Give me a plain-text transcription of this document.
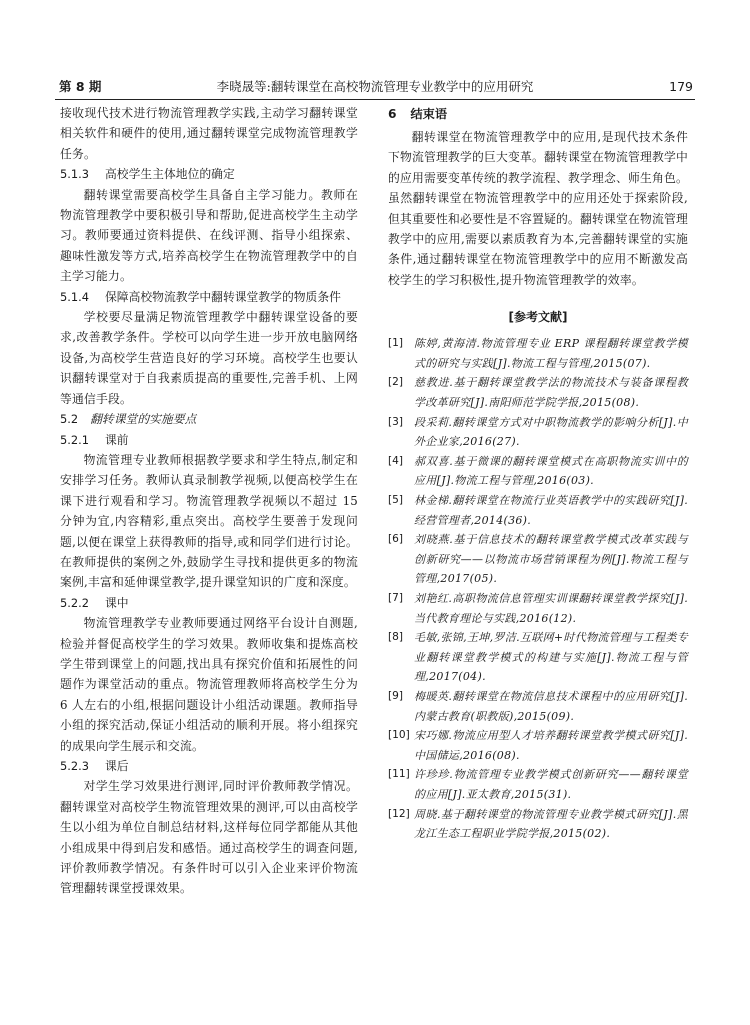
第 8 期	李晓晟等:翻转课堂在高校物流管理专业教学中的应用研究	179

接收现代技术进行物流管理教学实践,主动学习翻转课堂相关软件和硬件的使用,通过翻转课堂完成物流管理教学任务。

5.1.3 高校学生主体地位的确定

翻转课堂需要高校学生具备自主学习能力。教师在物流管理教学中要积极引导和帮助,促进高校学生主动学习。教师要通过资料提供、在线评测、指导小组探索、趣味性激发等方式,培养高校学生在物流管理教学中的自主学习能力。

5.1.4 保障高校物流教学中翻转课堂教学的物质条件

学校要尽量满足物流管理教学中翻转课堂设备的要求,改善教学条件。学校可以向学生进一步开放电脑网络设备,为高校学生营造良好的学习环境。高校学生也要认识翻转课堂对于自我素质提高的重要性,完善手机、上网等通信手段。

5.2 翻转课堂的实施要点
5.2.1 课前

物流管理专业教师根据教学要求和学生特点,制定和安排学习任务。教师认真录制教学视频,以便高校学生在课下进行观看和学习。物流管理教学视频以不超过 15 分钟为宜,内容精彩,重点突出。高校学生要善于发现问题,以便在课堂上获得教师的指导,或和同学们进行讨论。在教师提供的案例之外,鼓励学生寻找和提供更多的物流案例,丰富和延伸课堂教学,提升课堂知识的广度和深度。

5.2.2 课中

物流管理教学专业教师要通过网络平台设计自测题,检验并督促高校学生的学习效果。教师收集和提炼高校学生带到课堂上的问题,找出具有探究价值和拓展性的问题作为课堂活动的重点。物流管理教师将高校学生分为 6 人左右的小组,根据问题设计小组活动课题。教师指导小组的探究活动,保证小组活动的顺利开展。将小组探究的成果向学生展示和交流。

5.2.3 课后

对学生学习效果进行测评,同时评价教师教学情况。翻转课堂对高校学生物流管理效果的测评,可以由高校学生以小组为单位自制总结材料,这样每位同学都能从其他小组成果中得到启发和感悟。通过高校学生的调查问题,评价教师教学情况。有条件时可以引入企业来评价物流管理翻转课堂授课效果。

6 结束语

翻转课堂在物流管理教学中的应用,是现代技术条件下物流管理教学的巨大变革。翻转课堂在物流管理教学中的应用需要变革传统的教学流程、教学理念、师生角色。虽然翻转课堂在物流管理教学中的应用还处于探索阶段,但其重要性和必要性是不容置疑的。翻转课堂在物流管理教学中的应用,需要以素质教育为本,完善翻转课堂的实施条件,通过翻转课堂在物流管理教学中的应用不断激发高校学生的学习积极性,提升物流管理教学的效率。

[参考文献]
[1] 陈婷,黄海清.物流管理专业 ERP 课程翻转课堂教学模式的研究与实践[J].物流工程与管理,2015(07).
[2] 慈教进.基于翻转课堂教学法的物流技术与装备课程教学改革研究[J].南阳师范学院学报,2015(08).
[3] 段采莉.翻转课堂方式对中职物流教学的影响分析[J].中外企业家,2016(27).
[4] 郝双喜.基于微课的翻转课堂模式在高职物流实训中的应用[J].物流工程与管理,2016(03).
[5] 林金梯.翻转课堂在物流行业英语教学中的实践研究[J].经营管理者,2014(36).
[6] 刘晓燕.基于信息技术的翻转课堂教学模式改革实践与创新研究——以物流市场营销课程为例[J].物流工程与管理,2017(05).
[7] 刘艳红.高职物流信息管理实训课翻转课堂教学探究[J].当代教育理论与实践,2016(12).
[8] 毛敏,张锦,王坤,罗洁.互联网+时代物流管理与工程类专业翻转课堂教学模式的构建与实施[J].物流工程与管理,2017(04).
[9] 梅暖英.翻转课堂在物流信息技术课程中的应用研究[J].内蒙古教育(职教版),2015(09).
[10] 宋巧娜.物流应用型人才培养翻转课堂教学模式研究[J].中国储运,2016(08).
[11] 许珍珍.物流管理专业教学模式创新研究——翻转课堂的应用[J].亚太教育,2015(31).
[12] 周晓.基于翻转课堂的物流管理专业教学模式研究[J].黑龙江生态工程职业学院学报,2015(02).
